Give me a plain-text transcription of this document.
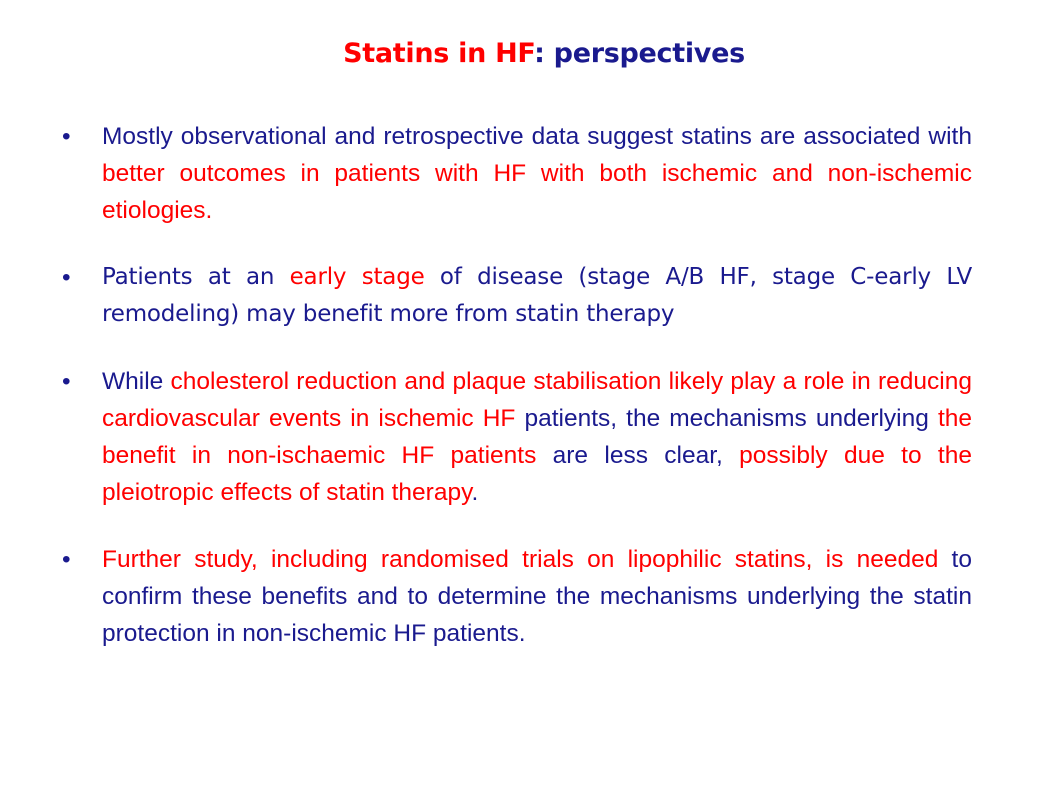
Statins in HF: perspectives
• Mostly observational and retrospective data suggest statins are associated with better outcomes in patients with HF with both ischemic and non-ischemic etiologies.
• Patients at an early stage of disease (stage A/B HF, stage C-early LV remodeling) may benefit more from statin therapy
• While cholesterol reduction and plaque stabilisation likely play a role in reducing cardiovascular events in ischemic HF patients, the mechanisms underlying the benefit in non-ischaemic HF patients are less clear, possibly due to the pleiotropic effects of statin therapy.
• Further study, including randomised trials on lipophilic statins, is needed to confirm these benefits and to determine the mechanisms underlying the statin protection in non-ischemic HF patients.
